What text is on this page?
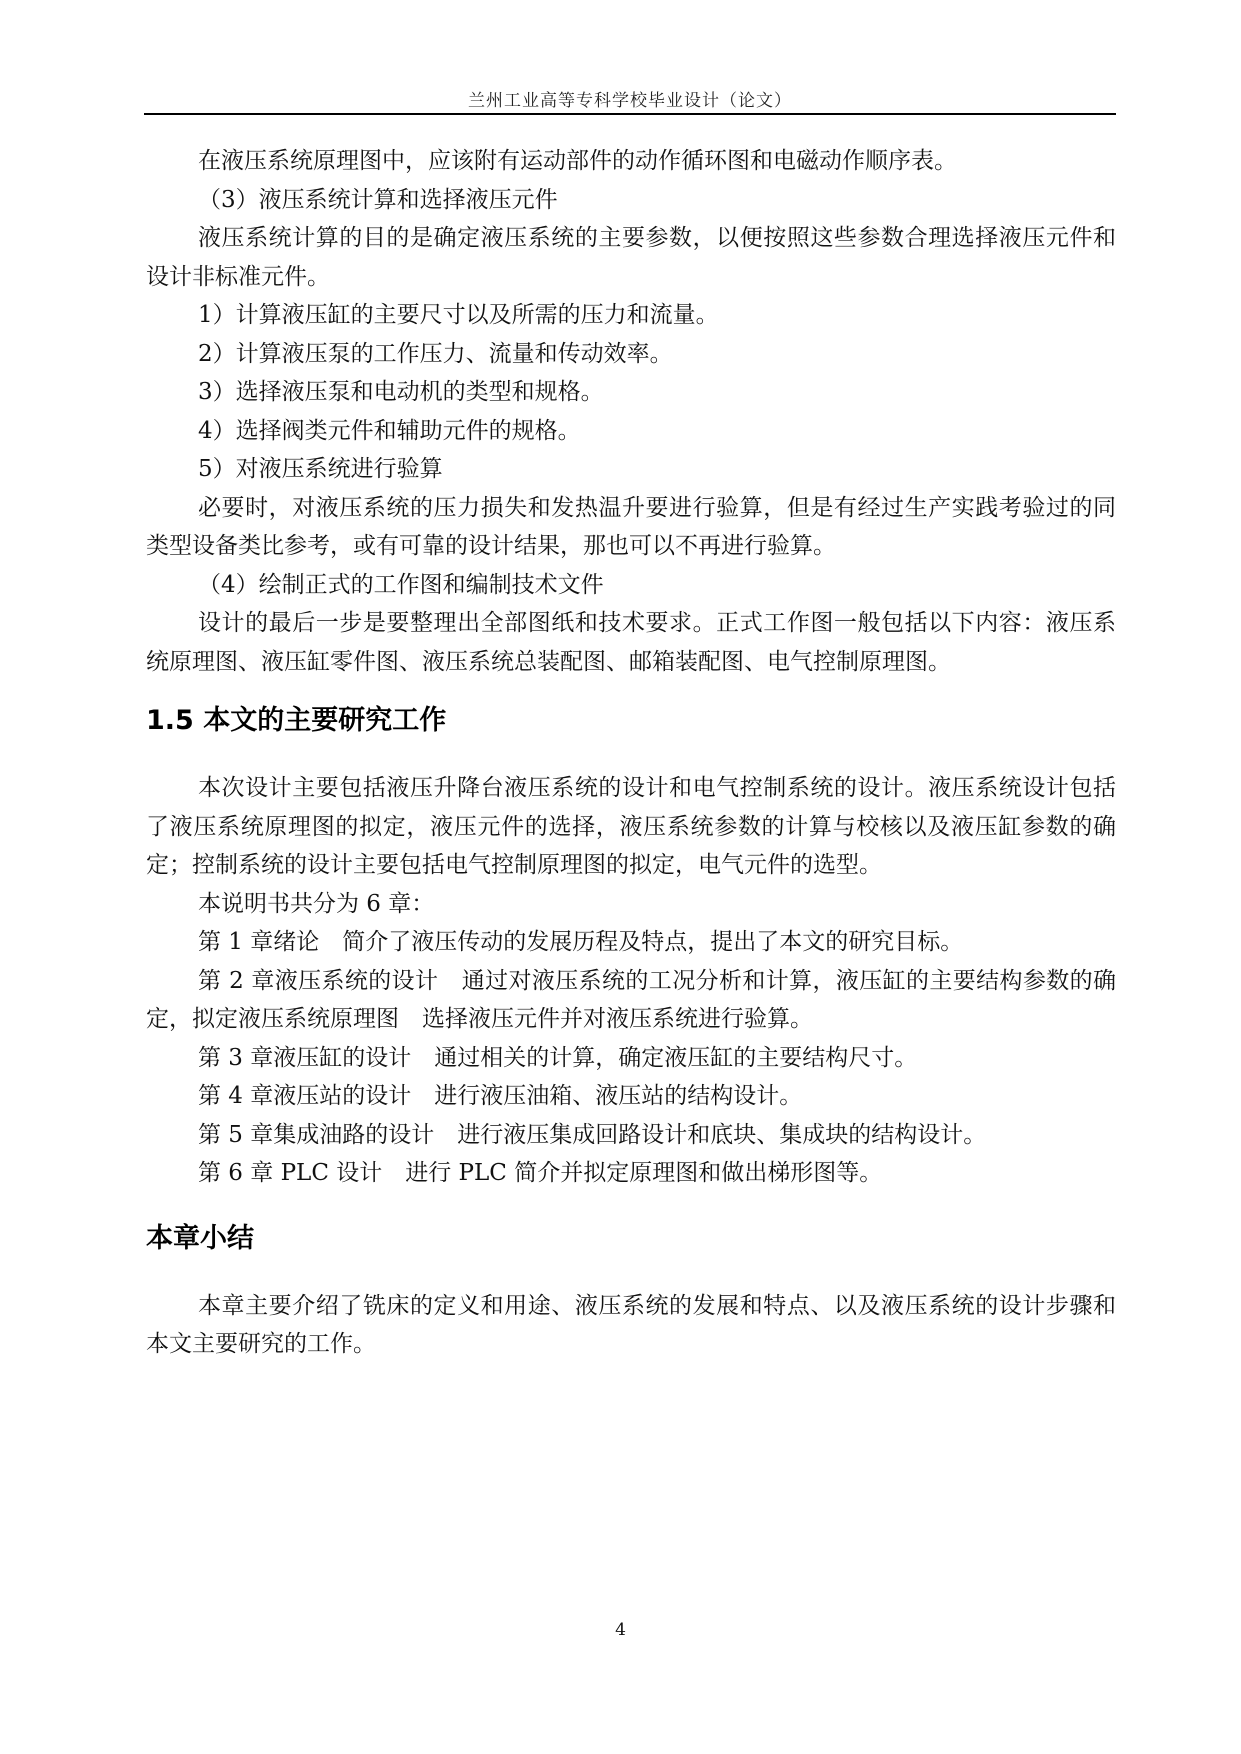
兰州工业高等专科学校毕业设计（论文）

在液压系统原理图中，应该附有运动部件的动作循环图和电磁动作顺序表。

（3）液压系统计算和选择液压元件

液压系统计算的目的是确定液压系统的主要参数，以便按照这些参数合理选择液压元件和设计非标准元件。

1）计算液压缸的主要尺寸以及所需的压力和流量。

2）计算液压泵的工作压力、流量和传动效率。

3）选择液压泵和电动机的类型和规格。

4）选择阀类元件和辅助元件的规格。

5）对液压系统进行验算

必要时，对液压系统的压力损失和发热温升要进行验算，但是有经过生产实践考验过的同类型设备类比参考，或有可靠的设计结果，那也可以不再进行验算。

（4）绘制正式的工作图和编制技术文件

设计的最后一步是要整理出全部图纸和技术要求。正式工作图一般包括以下内容：液压系统原理图、液压缸零件图、液压系统总装配图、邮箱装配图、电气控制原理图。

1.5 本文的主要研究工作

本次设计主要包括液压升降台液压系统的设计和电气控制系统的设计。液压系统设计包括了液压系统原理图的拟定，液压元件的选择，液压系统参数的计算与校核以及液压缸参数的确定；控制系统的设计主要包括电气控制原理图的拟定，电气元件的选型。

本说明书共分为 6 章：

第 1 章绪论　简介了液压传动的发展历程及特点，提出了本文的研究目标。

第 2 章液压系统的设计　通过对液压系统的工况分析和计算，液压缸的主要结构参数的确定，拟定液压系统原理图　选择液压元件并对液压系统进行验算。

第 3 章液压缸的设计　通过相关的计算，确定液压缸的主要结构尺寸。

第 4 章液压站的设计　进行液压油箱、液压站的结构设计。

第 5 章集成油路的设计　进行液压集成回路设计和底块、集成块的结构设计。

第 6 章 PLC 设计　进行 PLC 简介并拟定原理图和做出梯形图等。

本章小结

本章主要介绍了铣床的定义和用途、液压系统的发展和特点、以及液压系统的设计步骤和本文主要研究的工作。

4
